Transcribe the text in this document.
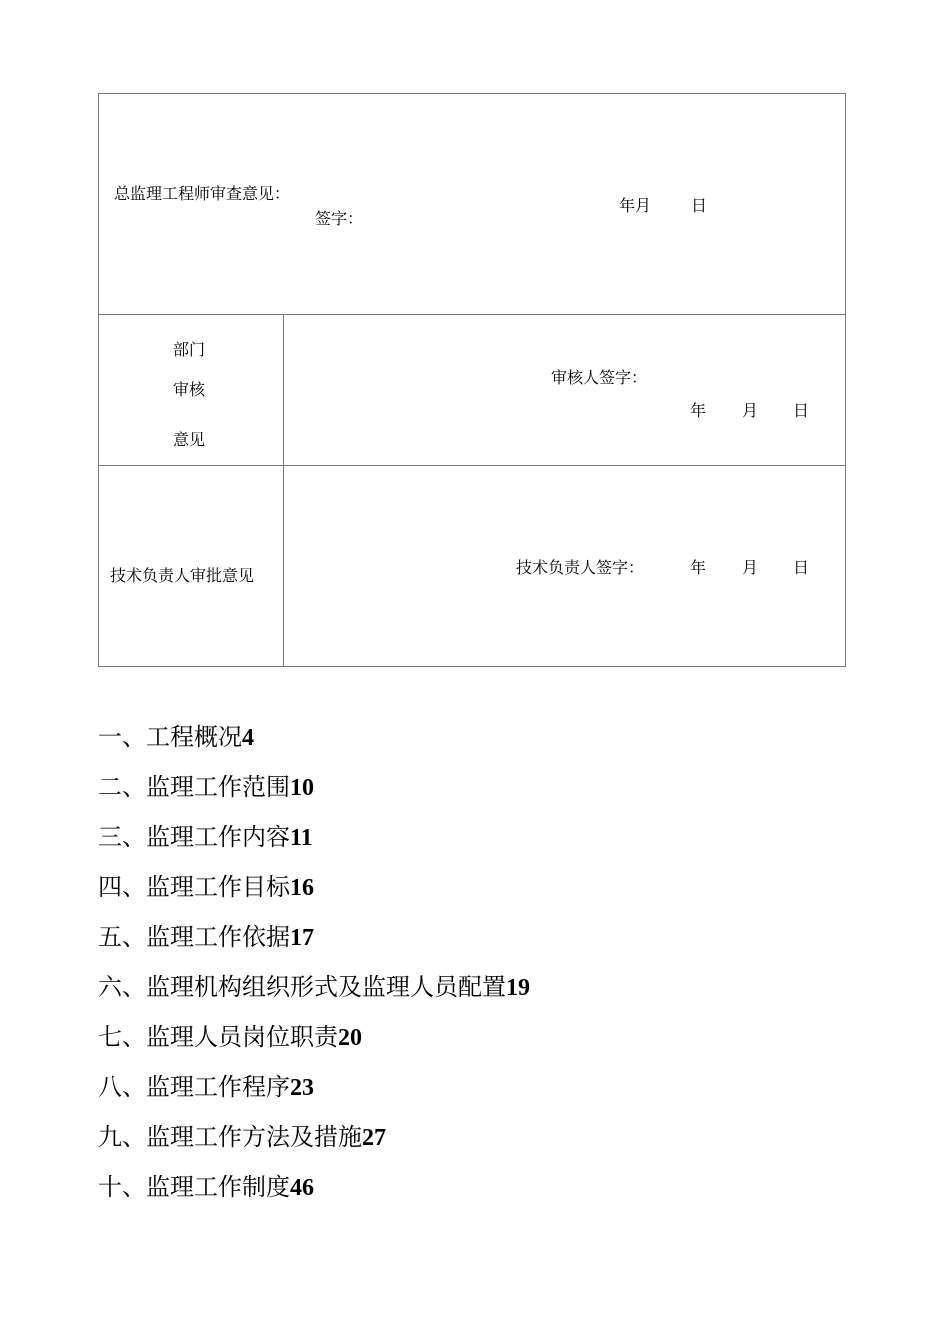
总监理工程师审查意见：
签字：
年月 日
部门
审核
意见
审核人签字：
年 月 日
技术负责人审批意见	技术负责人签字：	年 月 日
一、工程概况4
二、监理工作范围10
三、监理工作内容11
四、监理工作目标16
五、监理工作依据17
六、监理机构组织形式及监理人员配置19
七、监理人员岗位职责20
八、监理工作程序23
九、监理工作方法及措施27
十、监理工作制度46
